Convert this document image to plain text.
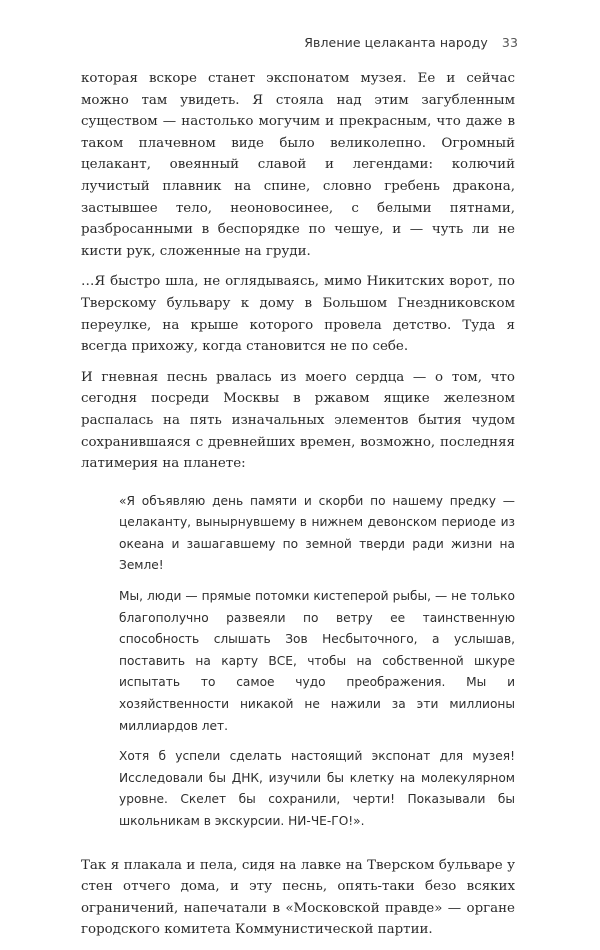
Явление целаканта народу 33

которая вскоре станет экспонатом музея. Ее и сейчас можно там увидеть. Я стояла над этим загубленным существом — настолько могучим и прекрасным, что даже в таком плачевном виде было великолепно. Огромный целакант, овеянный славой и легендами: колючий лучистый плавник на спине, словно гребень дракона, застывшее тело, неоновосинее, с белыми пятнами, разбросанными в беспорядке по чешуе, и — чуть ли не кисти рук, сложенные на груди.

…Я быстро шла, не оглядываясь, мимо Никитских ворот, по Тверскому бульвару к дому в Большом Гнездниковском переулке, на крыше которого провела детство. Туда я всегда прихожу, когда становится не по себе.

И гневная песнь рвалась из моего сердца — о том, что сегодня посреди Москвы в ржавом ящике железном распалась на пять изначальных элементов бытия чудом сохранившаяся с древнейших времен, возможно, последняя латимерия на планете:

«Я объявляю день памяти и скорби по нашему предку — целаканту, вынырнувшему в нижнем девонском периоде из океана и зашагавшему по земной тверди ради жизни на Земле!

Мы, люди — прямые потомки кистеперой рыбы, — не только благополучно развеяли по ветру ее таинственную способность слышать Зов Несбыточного, а услышав, поставить на карту ВСЕ, чтобы на собственной шкуре испытать то самое чудо преображения. Мы и хозяйственности никакой не нажили за эти миллионы миллиардов лет.

Хотя б успели сделать настоящий экспонат для музея! Исследовали бы ДНК, изучили бы клетку на молекулярном уровне. Скелет бы сохранили, черти! Показывали бы школьникам в экскурсии. НИ-ЧЕ-ГО!».

Так я плакала и пела, сидя на лавке на Тверском бульваре у стен отчего дома, и эту песнь, опять-таки безо всяких ограничений, напечатали в «Московской правде» — органе городского комитета Коммунистической партии.
